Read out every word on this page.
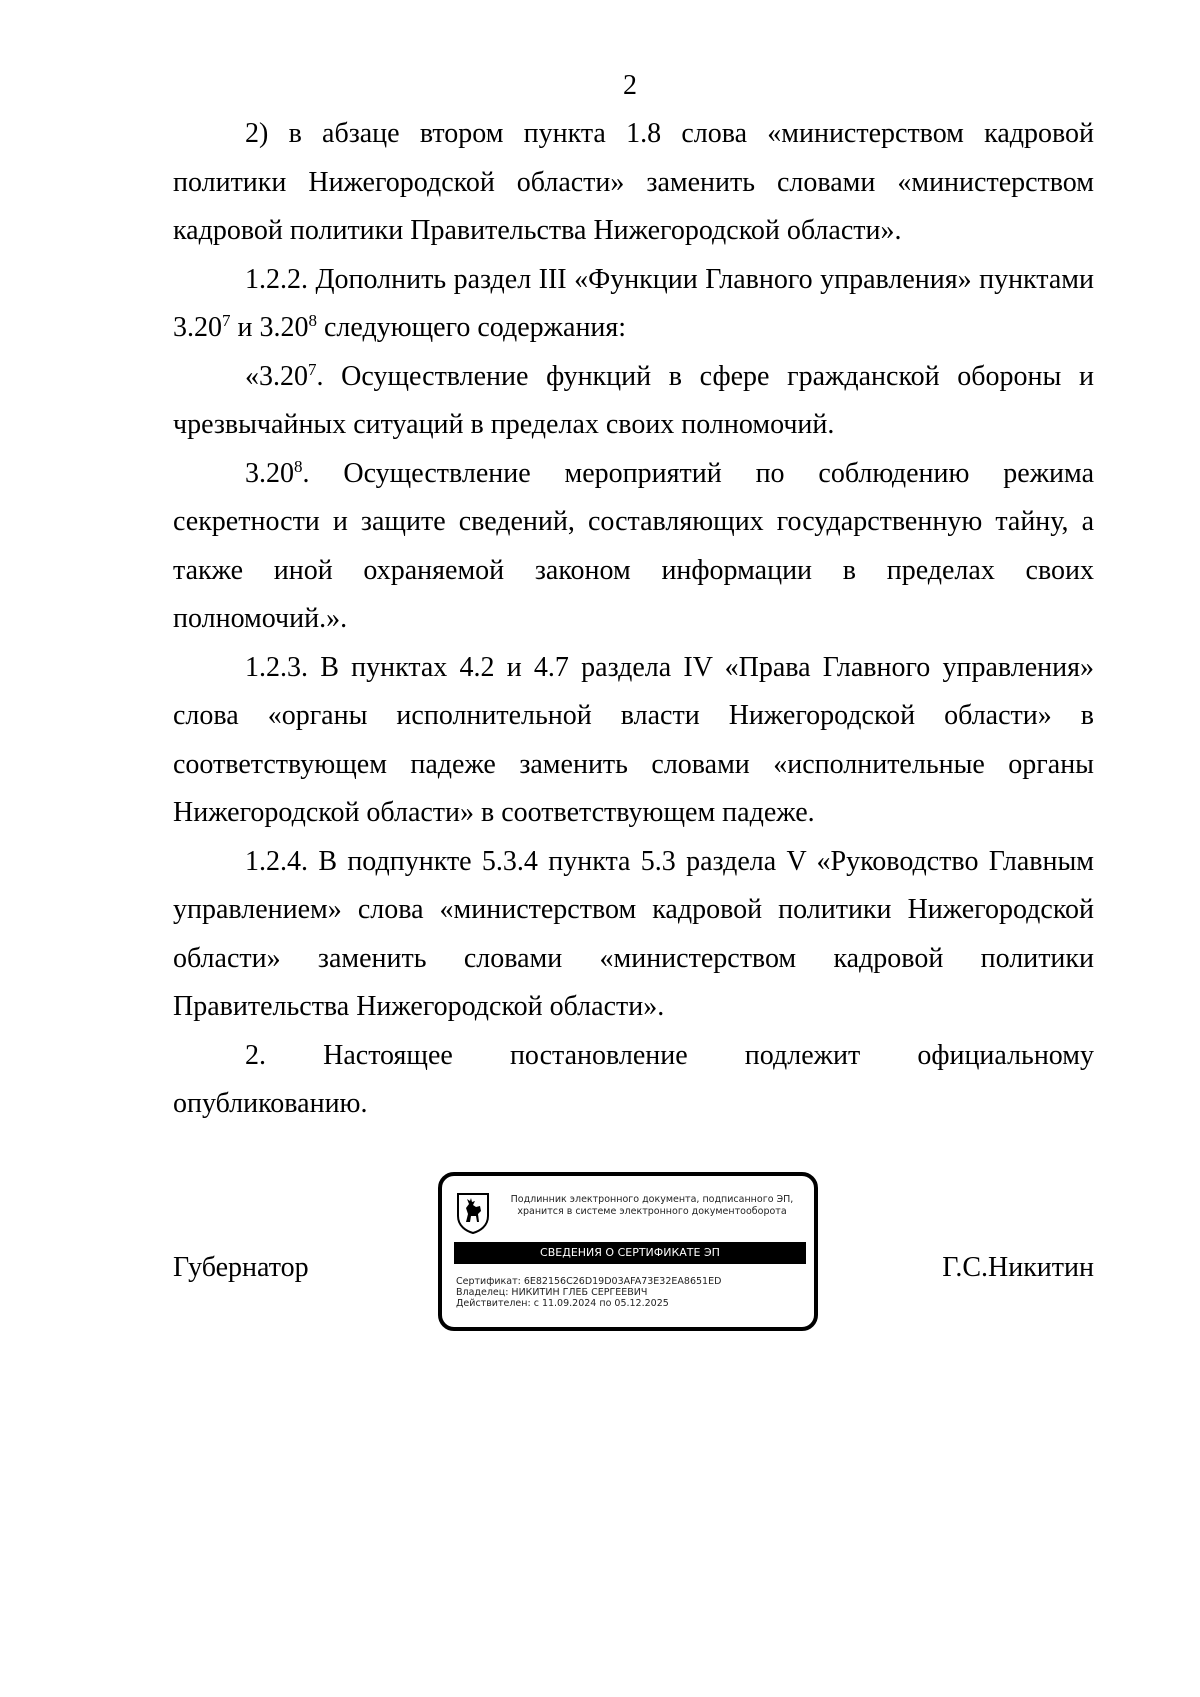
2

2) в абзаце втором пункта 1.8 слова «министерством кадровой политики Нижегородской области» заменить словами «министерством кадровой политики Правительства Нижегородской области».

1.2.2. Дополнить раздел III «Функции Главного управления» пунктами 3.20$^7$ и 3.20$^8$ следующего содержания:

«3.20$^7$. Осуществление функций в сфере гражданской обороны и чрезвычайных ситуаций в пределах своих полномочий.

3.20$^8$. Осуществление мероприятий по соблюдению режима секретности и защите сведений, составляющих государственную тайну, а также иной охраняемой законом информации в пределах своих полномочий.».

1.2.3. В пунктах 4.2 и 4.7 раздела IV «Права Главного управления» слова «органы исполнительной власти Нижегородской области» в соответствующем падеже заменить словами «исполнительные органы Нижегородской области» в соответствующем падеже.

1.2.4. В подпункте 5.3.4 пункта 5.3 раздела V «Руководство Главным управлением» слова «министерством кадровой политики Нижегородской области» заменить словами «министерством кадровой политики Правительства Нижегородской области».

2. Настоящее постановление подлежит официальному опубликованию.

Губернатор
Подлинник электронного документа, подписанного ЭП,
хранится в системе электронного документооборота
СВЕДЕНИЯ О СЕРТИФИКАТЕ ЭП
Сертификат: 6E82156C26D19D03AFA73E32EA8651ED
Владелец: НИКИТИН ГЛЕБ СЕРГЕЕВИЧ
Действителен: с 11.09.2024 по 05.12.2025
Г.С.Никитин
